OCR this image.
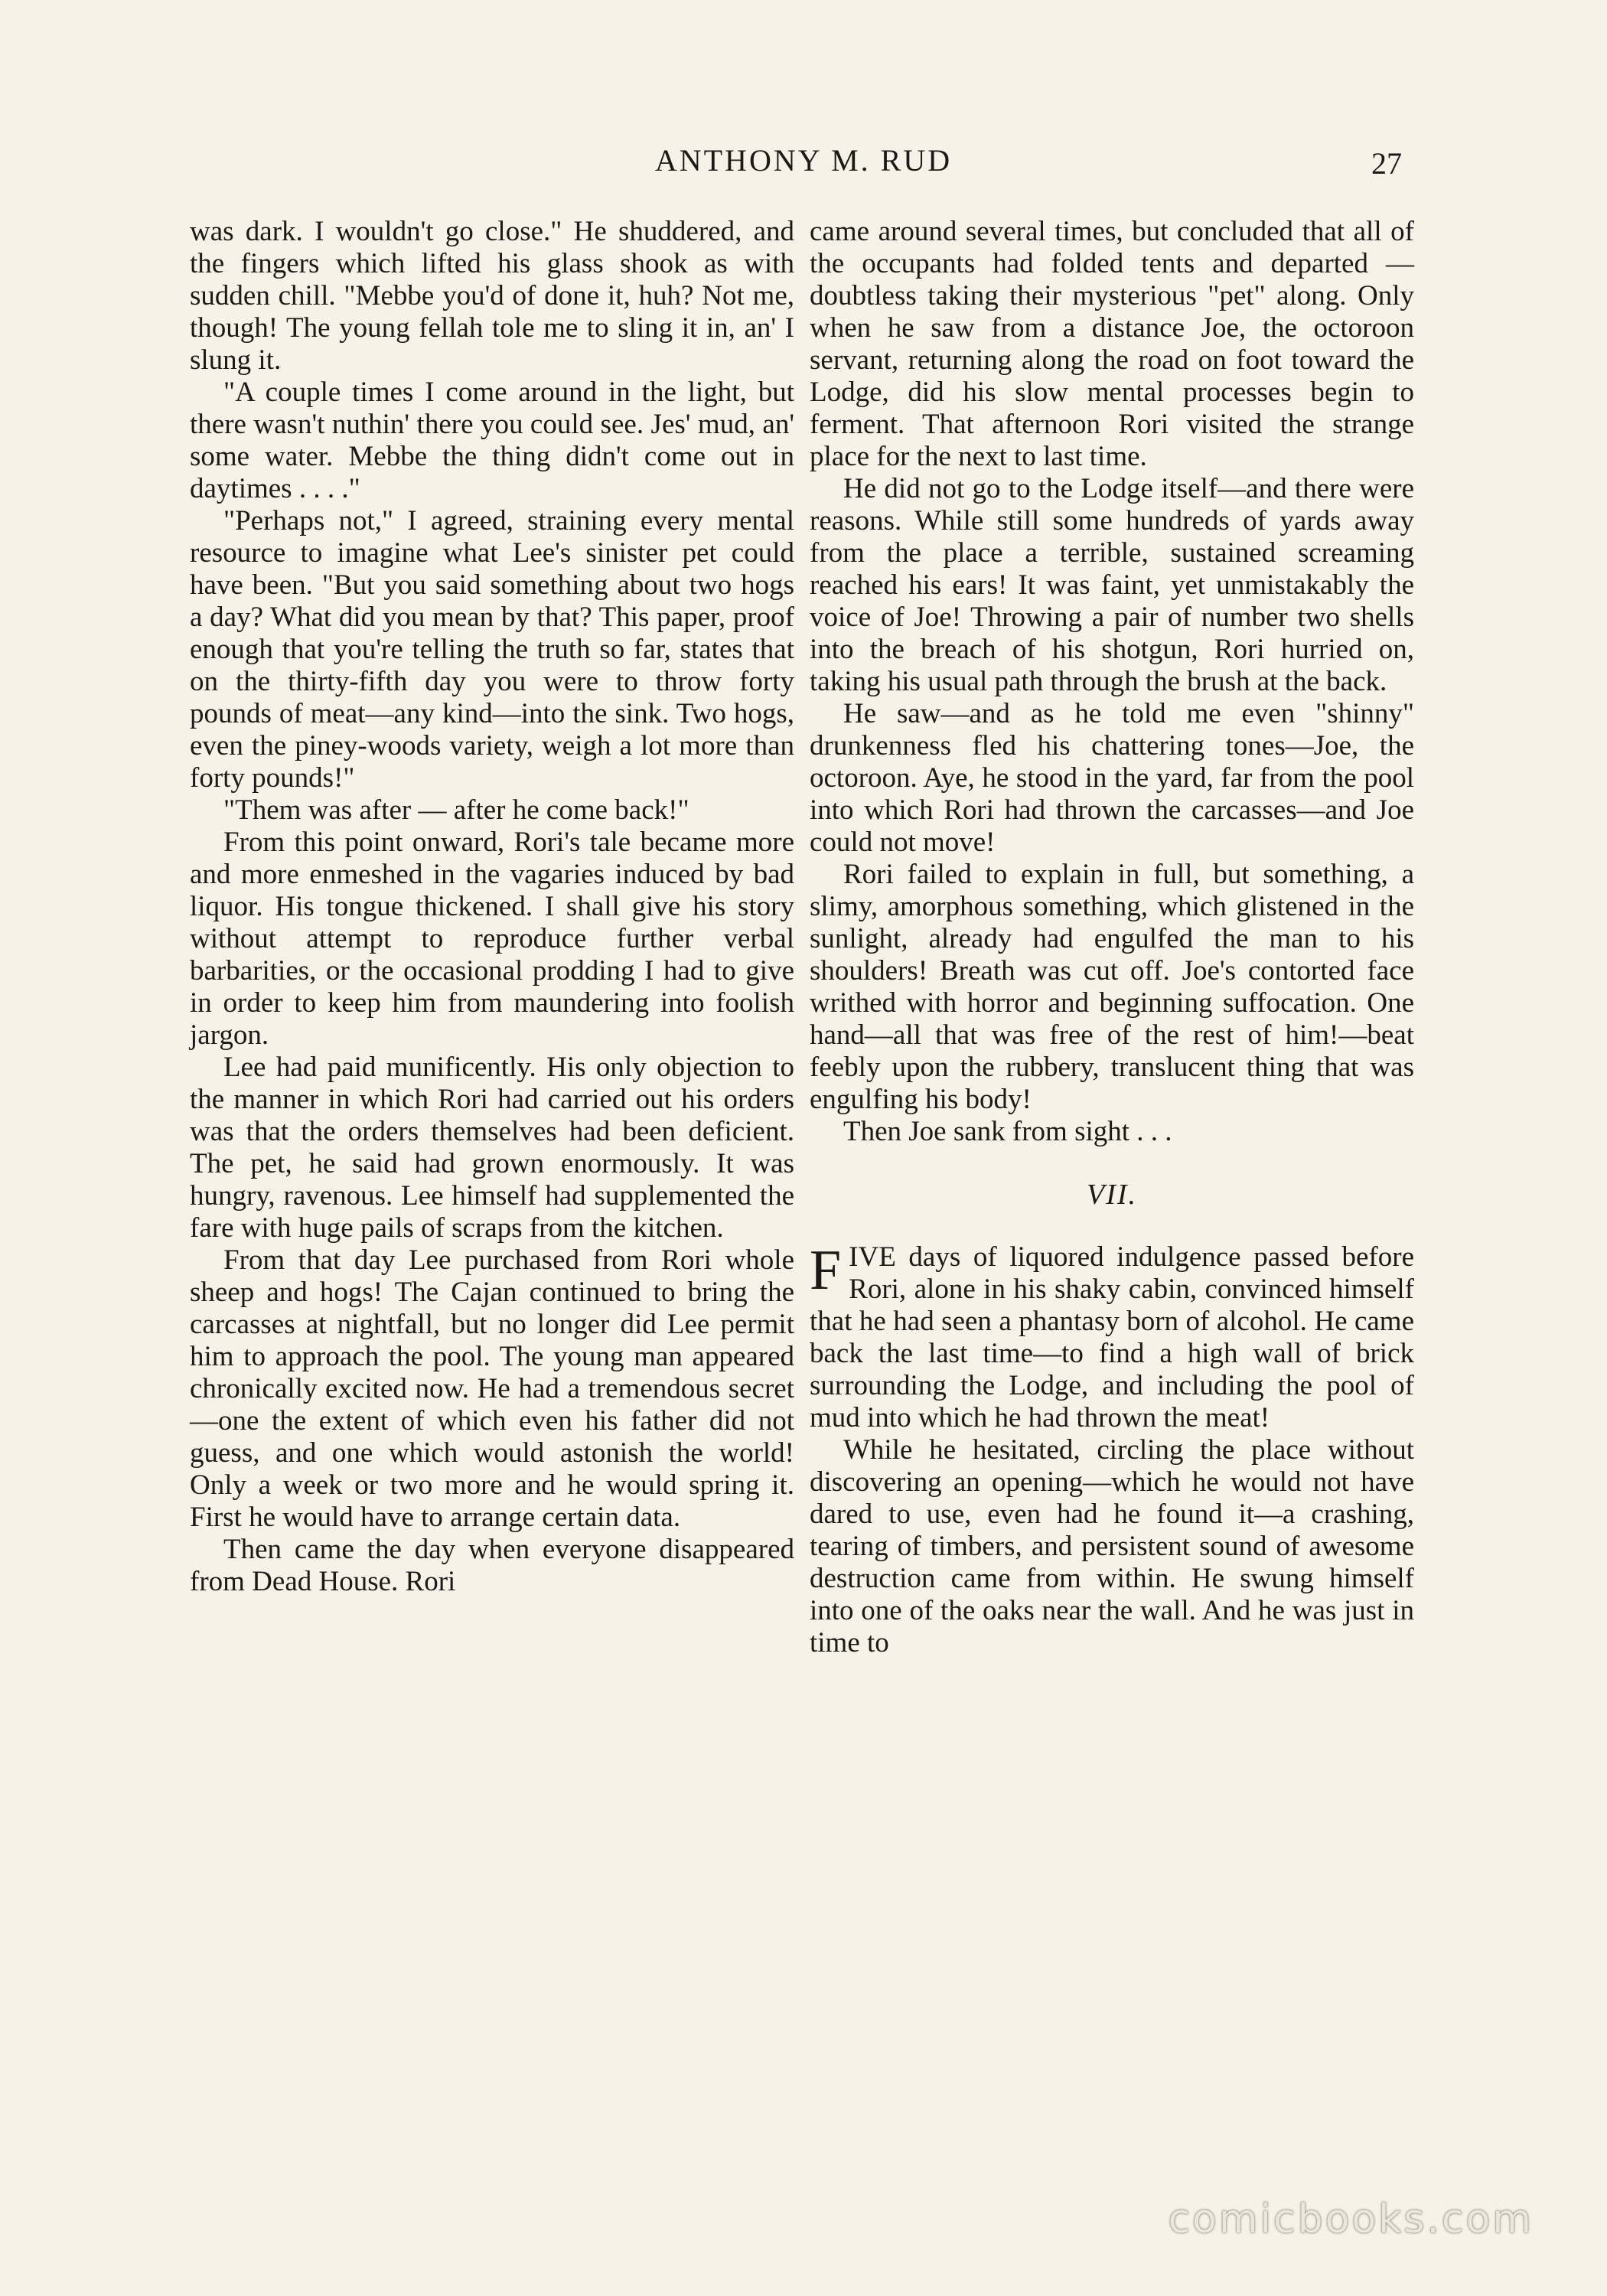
ANTHONY M. RUD	27

was dark. I wouldn't go close." He shuddered, and the fingers which lifted his glass shook as with sudden chill. "Mebbe you'd of done it, huh? Not me, though! The young fellah tole me to sling it in, an' I slung it.

"A couple times I come around in the light, but there wasn't nuthin' there you could see. Jes' mud, an' some water. Mebbe the thing didn't come out in daytimes . . . ."

"Perhaps not," I agreed, straining every mental resource to imagine what Lee's sinister pet could have been. "But you said something about two hogs a day? What did you mean by that? This paper, proof enough that you're telling the truth so far, states that on the thirty-fifth day you were to throw forty pounds of meat—any kind—into the sink. Two hogs, even the piney-woods variety, weigh a lot more than forty pounds!"

"Them was after — after he come back!"

From this point onward, Rori's tale became more and more enmeshed in the vagaries induced by bad liquor. His tongue thickened. I shall give his story without attempt to reproduce further verbal barbarities, or the occasional prodding I had to give in order to keep him from maundering into foolish jargon.

Lee had paid munificently. His only objection to the manner in which Rori had carried out his orders was that the orders themselves had been deficient. The pet, he said had grown enormously. It was hungry, ravenous. Lee himself had supplemented the fare with huge pails of scraps from the kitchen.

From that day Lee purchased from Rori whole sheep and hogs! The Cajan continued to bring the carcasses at nightfall, but no longer did Lee permit him to approach the pool. The young man appeared chronically excited now. He had a tremendous secret—one the extent of which even his father did not guess, and one which would astonish the world! Only a week or two more and he would spring it. First he would have to arrange certain data.

Then came the day when everyone disappeared from Dead House. Rori

came around several times, but concluded that all of the occupants had folded tents and departed — doubtless taking their mysterious "pet" along. Only when he saw from a distance Joe, the octoroon servant, returning along the road on foot toward the Lodge, did his slow mental processes begin to ferment. That afternoon Rori visited the strange place for the next to last time.

He did not go to the Lodge itself—and there were reasons. While still some hundreds of yards away from the place a terrible, sustained screaming reached his ears! It was faint, yet unmistakably the voice of Joe! Throwing a pair of number two shells into the breach of his shotgun, Rori hurried on, taking his usual path through the brush at the back.

He saw—and as he told me even "shinny" drunkenness fled his chattering tones—Joe, the octoroon. Aye, he stood in the yard, far from the pool into which Rori had thrown the carcasses—and Joe could not move!

Rori failed to explain in full, but something, a slimy, amorphous something, which glistened in the sunlight, already had engulfed the man to his shoulders! Breath was cut off. Joe's contorted face writhed with horror and beginning suffocation. One hand—all that was free of the rest of him!—beat feebly upon the rubbery, translucent thing that was engulfing his body!

Then Joe sank from sight . . .

VII.

FIVE days of liquored indulgence passed before Rori, alone in his shaky cabin, convinced himself that he had seen a phantasy born of alcohol. He came back the last time—to find a high wall of brick surrounding the Lodge, and including the pool of mud into which he had thrown the meat!

While he hesitated, circling the place without discovering an opening—which he would not have dared to use, even had he found it—a crashing, tearing of timbers, and persistent sound of awesome destruction came from within. He swung himself into one of the oaks near the wall. And he was just in time to

comicbooks.com
